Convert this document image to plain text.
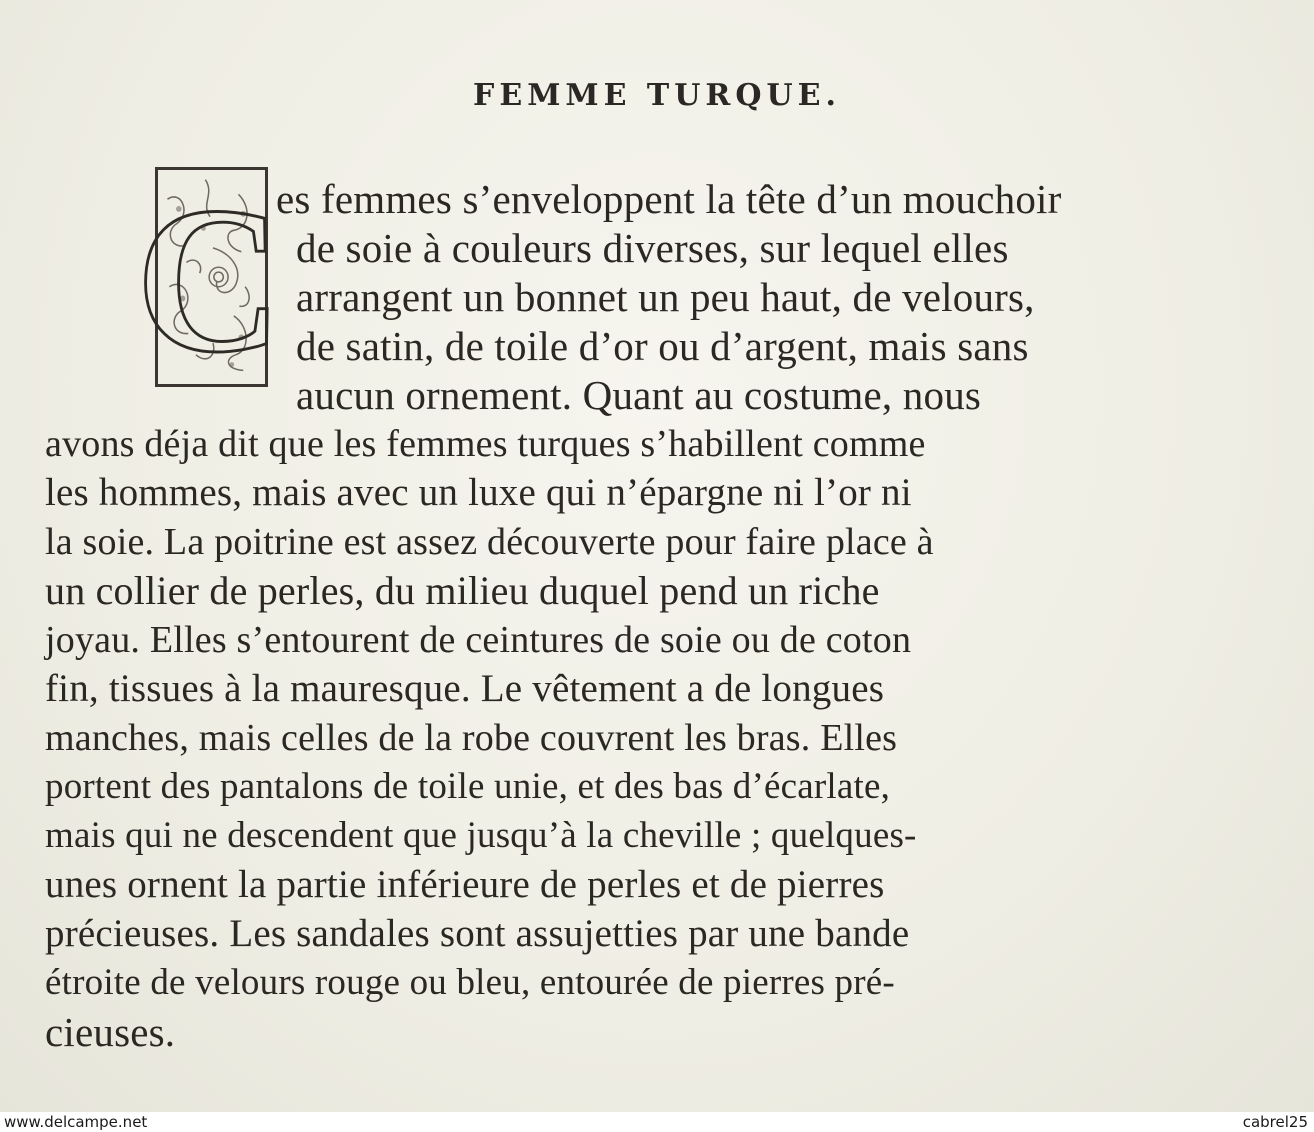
FEMME TURQUE.
C
es femmes s’enveloppent la tête d’un mouchoir
de soie à couleurs diverses, sur lequel elles
arrangent un bonnet un peu haut, de velours,
de satin, de toile d’or ou d’argent, mais sans
aucun ornement. Quant au costume, nous
avons déja dit que les femmes turques s’habillent comme
les hommes, mais avec un luxe qui n’épargne ni l’or ni
la soie. La poitrine est assez découverte pour faire place à
un collier de perles, du milieu duquel pend un riche
joyau. Elles s’entourent de ceintures de soie ou de coton
fin, tissues à la mauresque. Le vêtement a de longues
manches, mais celles de la robe couvrent les bras. Elles
portent des pantalons de toile unie, et des bas d’écarlate,
mais qui ne descendent que jusqu’à la cheville ; quelques-
unes ornent la partie inférieure de perles et de pierres
précieuses. Les sandales sont assujetties par une bande
étroite de velours rouge ou bleu, entourée de pierres pré-
cieuses.
www.delcampe.net	cabrel25
